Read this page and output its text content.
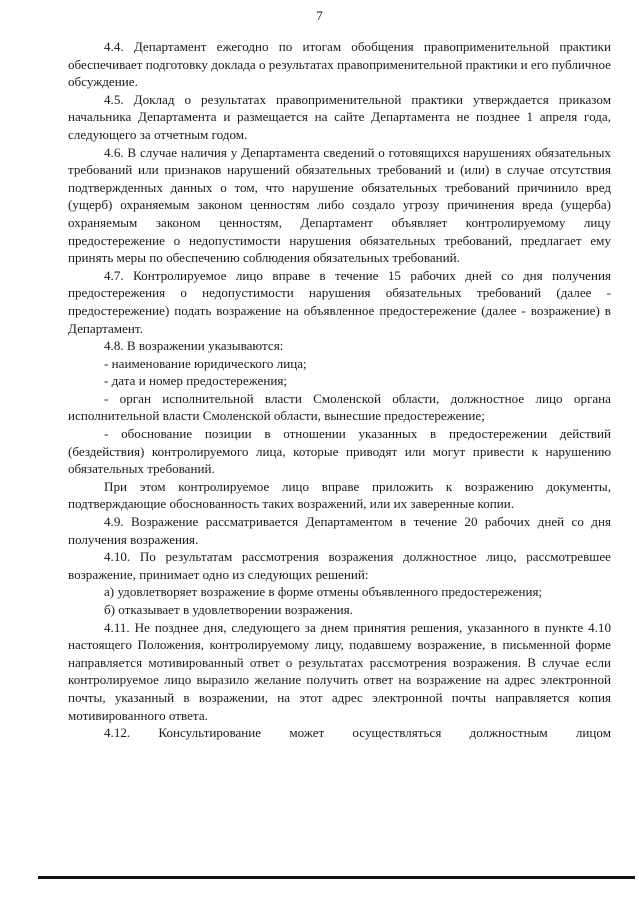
7

4.4. Департамент ежегодно по итогам обобщения правоприменительной практики обеспечивает подготовку доклада о результатах правоприменительной практики и его публичное обсуждение.

4.5. Доклад о результатах правоприменительной практики утверждается приказом начальника Департамента и размещается на сайте Департамента не позднее 1 апреля года, следующего за отчетным годом.

4.6. В случае наличия у Департамента сведений о готовящихся нарушениях обязательных требований или признаков нарушений обязательных требований и (или) в случае отсутствия подтвержденных данных о том, что нарушение обязательных требований причинило вред (ущерб) охраняемым законом ценностям либо создало угрозу причинения вреда (ущерба) охраняемым законом ценностям, Департамент объявляет контролируемому лицу предостережение о недопустимости нарушения обязательных требований, предлагает ему принять меры по обеспечению соблюдения обязательных требований.

4.7. Контролируемое лицо вправе в течение 15 рабочих дней со дня получения предостережения о недопустимости нарушения обязательных требований (далее - предостережение) подать возражение на объявленное предостережение (далее - возражение) в Департамент.

4.8. В возражении указываются:

- наименование юридического лица;

- дата и номер предостережения;

- орган исполнительной власти Смоленской области, должностное лицо органа исполнительной власти Смоленской области, вынесшие предостережение;

- обоснование позиции в отношении указанных в предостережении действий (бездействия) контролируемого лица, которые приводят или могут привести к нарушению обязательных требований.

При этом контролируемое лицо вправе приложить к возражению документы, подтверждающие обоснованность таких возражений, или их заверенные копии.

4.9. Возражение рассматривается Департаментом в течение 20 рабочих дней со дня получения возражения.

4.10. По результатам рассмотрения возражения должностное лицо, рассмотревшее возражение, принимает одно из следующих решений:

а) удовлетворяет возражение в форме отмены объявленного предостережения;

б) отказывает в удовлетворении возражения.

4.11. Не позднее дня, следующего за днем принятия решения, указанного в пункте 4.10 настоящего Положения, контролируемому лицу, подавшему возражение, в письменной форме направляется мотивированный ответ о результатах рассмотрения возражения. В случае если контролируемое лицо выразило желание получить ответ на возражение на адрес электронной почты, указанный в возражении, на этот адрес электронной почты направляется копия мотивированного ответа.

4.12. Консультирование может осуществляться должностным лицом
